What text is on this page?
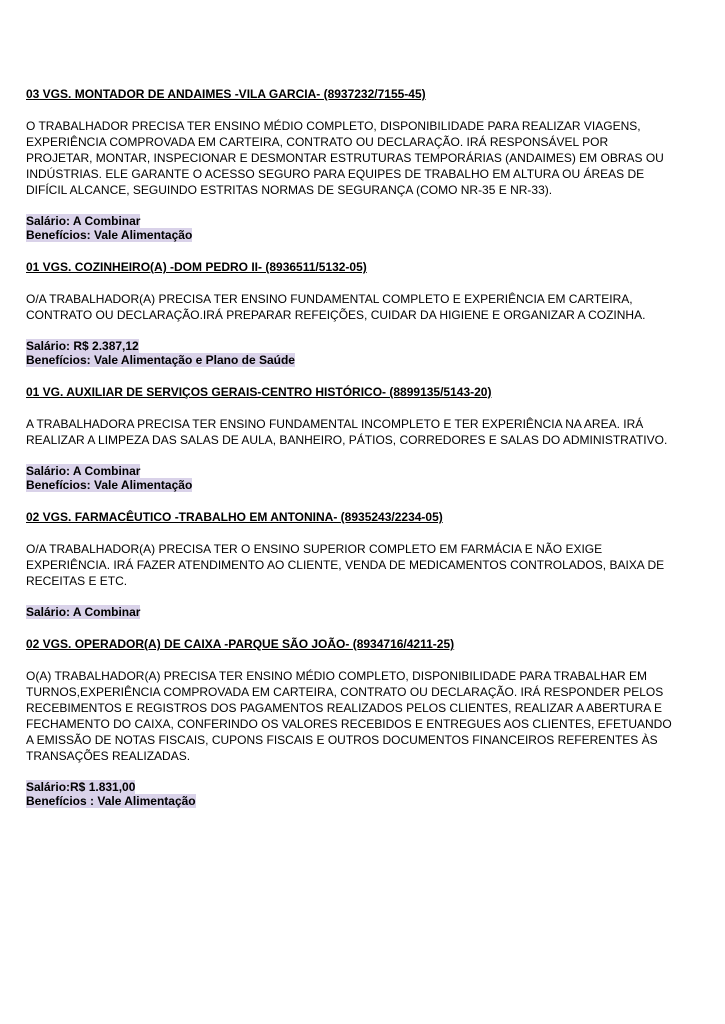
03 VGS. MONTADOR DE ANDAIMES -VILA GARCIA- (8937232/7155-45)
O TRABALHADOR PRECISA TER ENSINO MÉDIO COMPLETO, DISPONIBILIDADE PARA REALIZAR VIAGENS, EXPERIÊNCIA COMPROVADA EM CARTEIRA, CONTRATO OU DECLARAÇÃO. IRÁ RESPONSÁVEL POR PROJETAR, MONTAR, INSPECIONAR E DESMONTAR ESTRUTURAS TEMPORÁRIAS (ANDAIMES) EM OBRAS OU INDÚSTRIAS. ELE GARANTE O ACESSO SEGURO PARA EQUIPES DE TRABALHO EM ALTURA OU ÁREAS DE DIFÍCIL ALCANCE, SEGUINDO ESTRITAS NORMAS DE SEGURANÇA (COMO NR-35 E NR-33).
Salário: A Combinar
Benefícios: Vale Alimentação
01 VGS. COZINHEIRO(A) -DOM PEDRO II- (8936511/5132-05)
O/A TRABALHADOR(A) PRECISA TER ENSINO FUNDAMENTAL COMPLETO E EXPERIÊNCIA EM CARTEIRA, CONTRATO OU DECLARAÇÃO.IRÁ PREPARAR REFEIÇÕES, CUIDAR DA HIGIENE E ORGANIZAR A COZINHA.
Salário: R$ 2.387,12
Benefícios: Vale Alimentação e Plano de Saúde
01 VG. AUXILIAR DE SERVIÇOS GERAIS-CENTRO HISTÓRICO- (8899135/5143-20)
A TRABALHADORA PRECISA TER ENSINO FUNDAMENTAL INCOMPLETO E TER EXPERIÊNCIA NA AREA. IRÁ REALIZAR A LIMPEZA DAS SALAS DE AULA, BANHEIRO, PÁTIOS, CORREDORES E SALAS DO ADMINISTRATIVO.
Salário: A Combinar
Benefícios: Vale Alimentação
02 VGS. FARMACÊUTICO -TRABALHO EM ANTONINA- (8935243/2234-05)
O/A TRABALHADOR(A) PRECISA TER O ENSINO SUPERIOR COMPLETO EM FARMÁCIA E NÃO EXIGE EXPERIÊNCIA. IRÁ FAZER ATENDIMENTO AO CLIENTE, VENDA DE MEDICAMENTOS CONTROLADOS, BAIXA DE RECEITAS E ETC.
Salário: A Combinar
02 VGS. OPERADOR(A) DE CAIXA -PARQUE SÃO JOÃO- (8934716/4211-25)
O(A) TRABALHADOR(A) PRECISA TER ENSINO MÉDIO COMPLETO, DISPONIBILIDADE PARA TRABALHAR EM TURNOS,EXPERIÊNCIA COMPROVADA EM CARTEIRA, CONTRATO OU DECLARAÇÃO. IRÁ RESPONDER PELOS RECEBIMENTOS E REGISTROS DOS PAGAMENTOS REALIZADOS PELOS CLIENTES, REALIZAR A ABERTURA E FECHAMENTO DO CAIXA, CONFERINDO OS VALORES RECEBIDOS E ENTREGUES AOS CLIENTES, EFETUANDO A EMISSÃO DE NOTAS FISCAIS, CUPONS FISCAIS E OUTROS DOCUMENTOS FINANCEIROS REFERENTES ÀS TRANSAÇÕES REALIZADAS.
Salário:R$ 1.831,00
Benefícios : Vale Alimentação
